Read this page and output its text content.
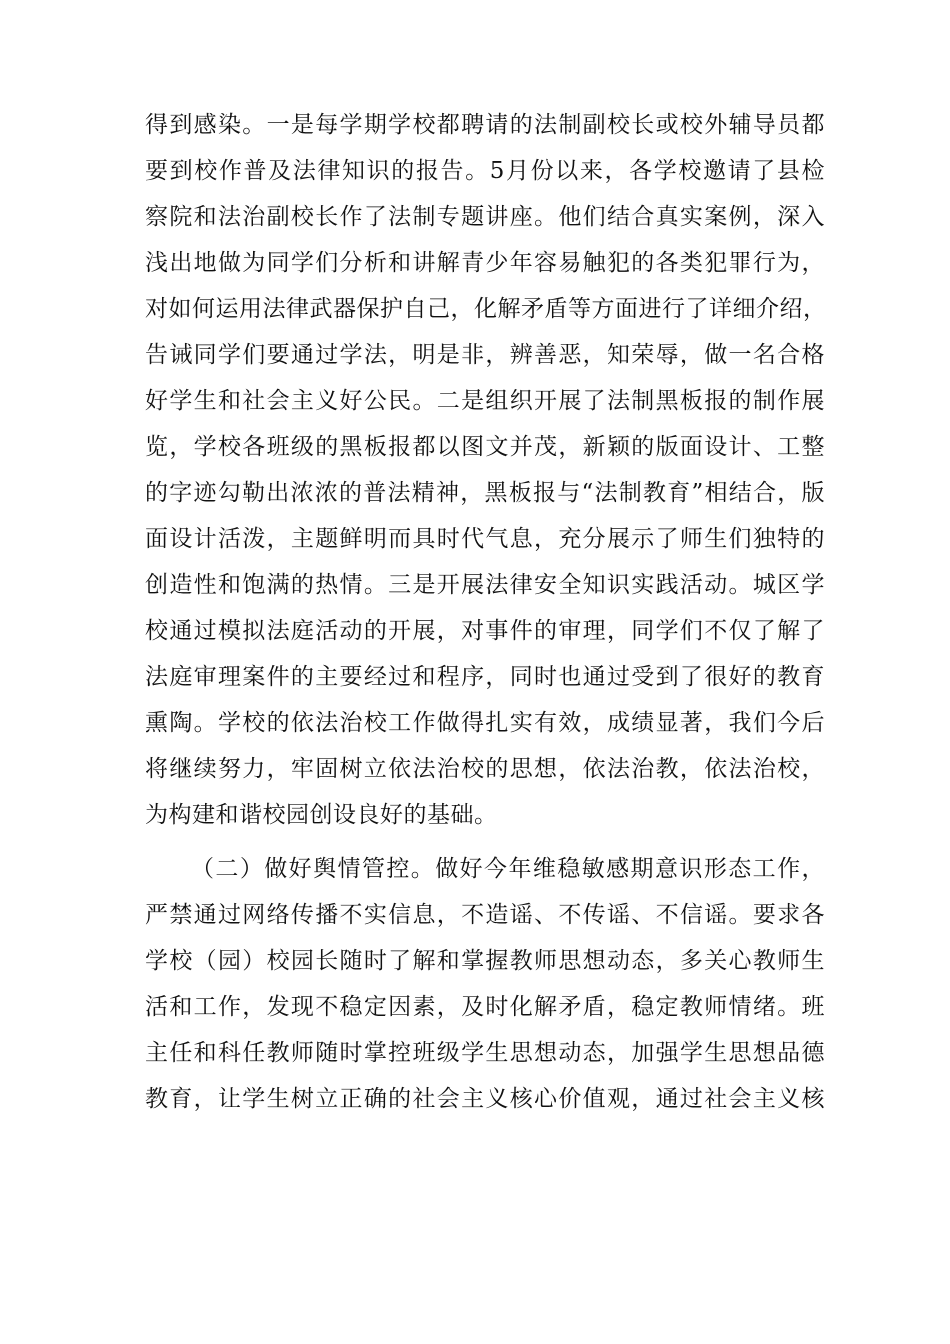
得到感染。一是每学期学校都聘请的法制副校长或校外辅导员都
要到校作普及法律知识的报告。5月份以来，各学校邀请了县检
察院和法治副校长作了法制专题讲座。他们结合真实案例，深入
浅出地做为同学们分析和讲解青少年容易触犯的各类犯罪行为，
对如何运用法律武器保护自己，化解矛盾等方面进行了详细介绍，
告诫同学们要通过学法，明是非，辨善恶，知荣辱，做一名合格
好学生和社会主义好公民。二是组织开展了法制黑板报的制作展
览，学校各班级的黑板报都以图文并茂，新颖的版面设计、工整
的字迹勾勒出浓浓的普法精神，黑板报与“法制教育”相结合，版
面设计活泼，主题鲜明而具时代气息，充分展示了师生们独特的
创造性和饱满的热情。三是开展法律安全知识实践活动。城区学
校通过模拟法庭活动的开展，对事件的审理，同学们不仅了解了
法庭审理案件的主要经过和程序，同时也通过受到了很好的教育
熏陶。学校的依法治校工作做得扎实有效，成绩显著，我们今后
将继续努力，牢固树立依法治校的思想，依法治教，依法治校，
为构建和谐校园创设良好的基础。
（二）做好舆情管控。做好今年维稳敏感期意识形态工作，
严禁通过网络传播不实信息，不造谣、不传谣、不信谣。要求各
学校（园）校园长随时了解和掌握教师思想动态，多关心教师生
活和工作，发现不稳定因素，及时化解矛盾，稳定教师情绪。班
主任和科任教师随时掌控班级学生思想动态，加强学生思想品德
教育，让学生树立正确的社会主义核心价值观，通过社会主义核
